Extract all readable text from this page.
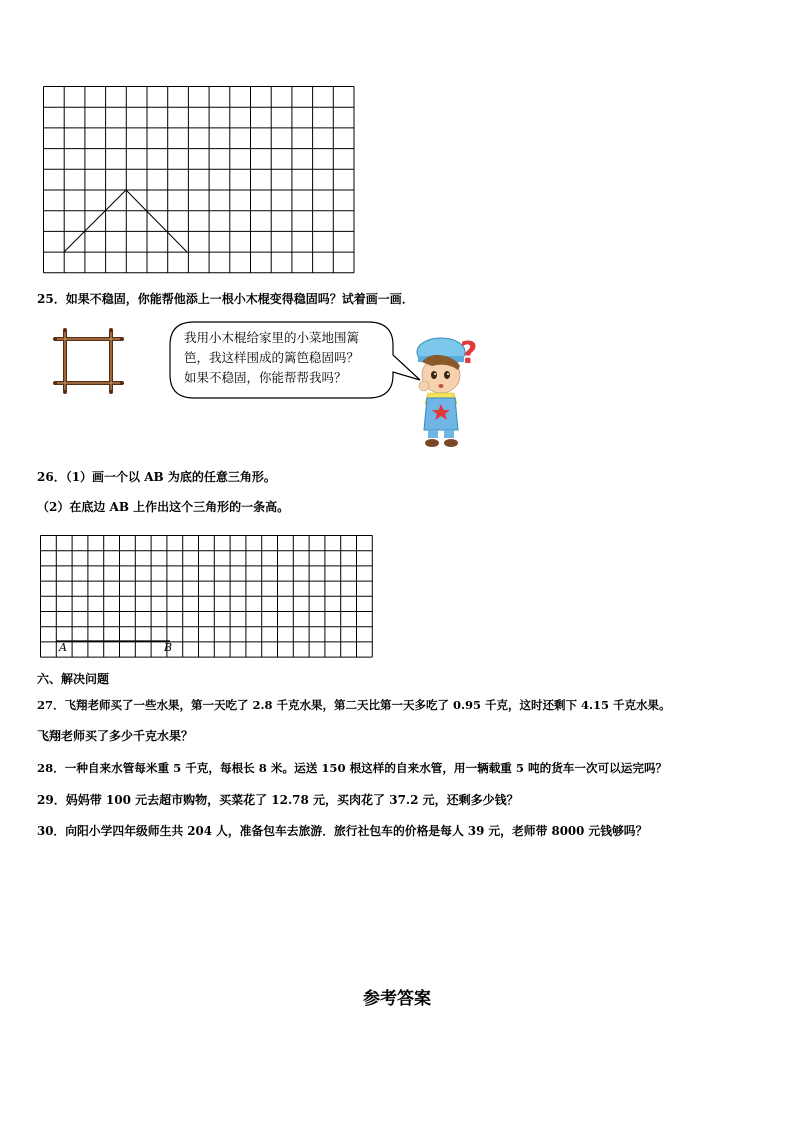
25．如果不稳固，你能帮他添上一根小木棍变得稳固吗？试着画一画．
我用小木棍给家里的小菜地围篱
笆，我这样围成的篱笆稳固吗？
如果不稳固，你能帮帮我吗？
?
26．（1）画一个以 AB 为底的任意三角形。
（2）在底边 AB 上作出这个三角形的一条高。
A	B
六、解决问题
27．飞翔老师买了一些水果，第一天吃了 2.8 千克水果，第二天比第一天多吃了 0.95 千克，这时还剩下 4.15 千克水果。
飞翔老师买了多少千克水果？
28．一种自来水管每米重 5 千克，每根长 8 米。运送 150 根这样的自来水管，用一辆载重 5 吨的货车一次可以运完吗？
29．妈妈带 100 元去超市购物，买菜花了 12.78 元，买肉花了 37.2 元，还剩多少钱？
30．向阳小学四年级师生共 204 人，准备包车去旅游．旅行社包车的价格是每人 39 元，老师带 8000 元钱够吗？
参考答案
